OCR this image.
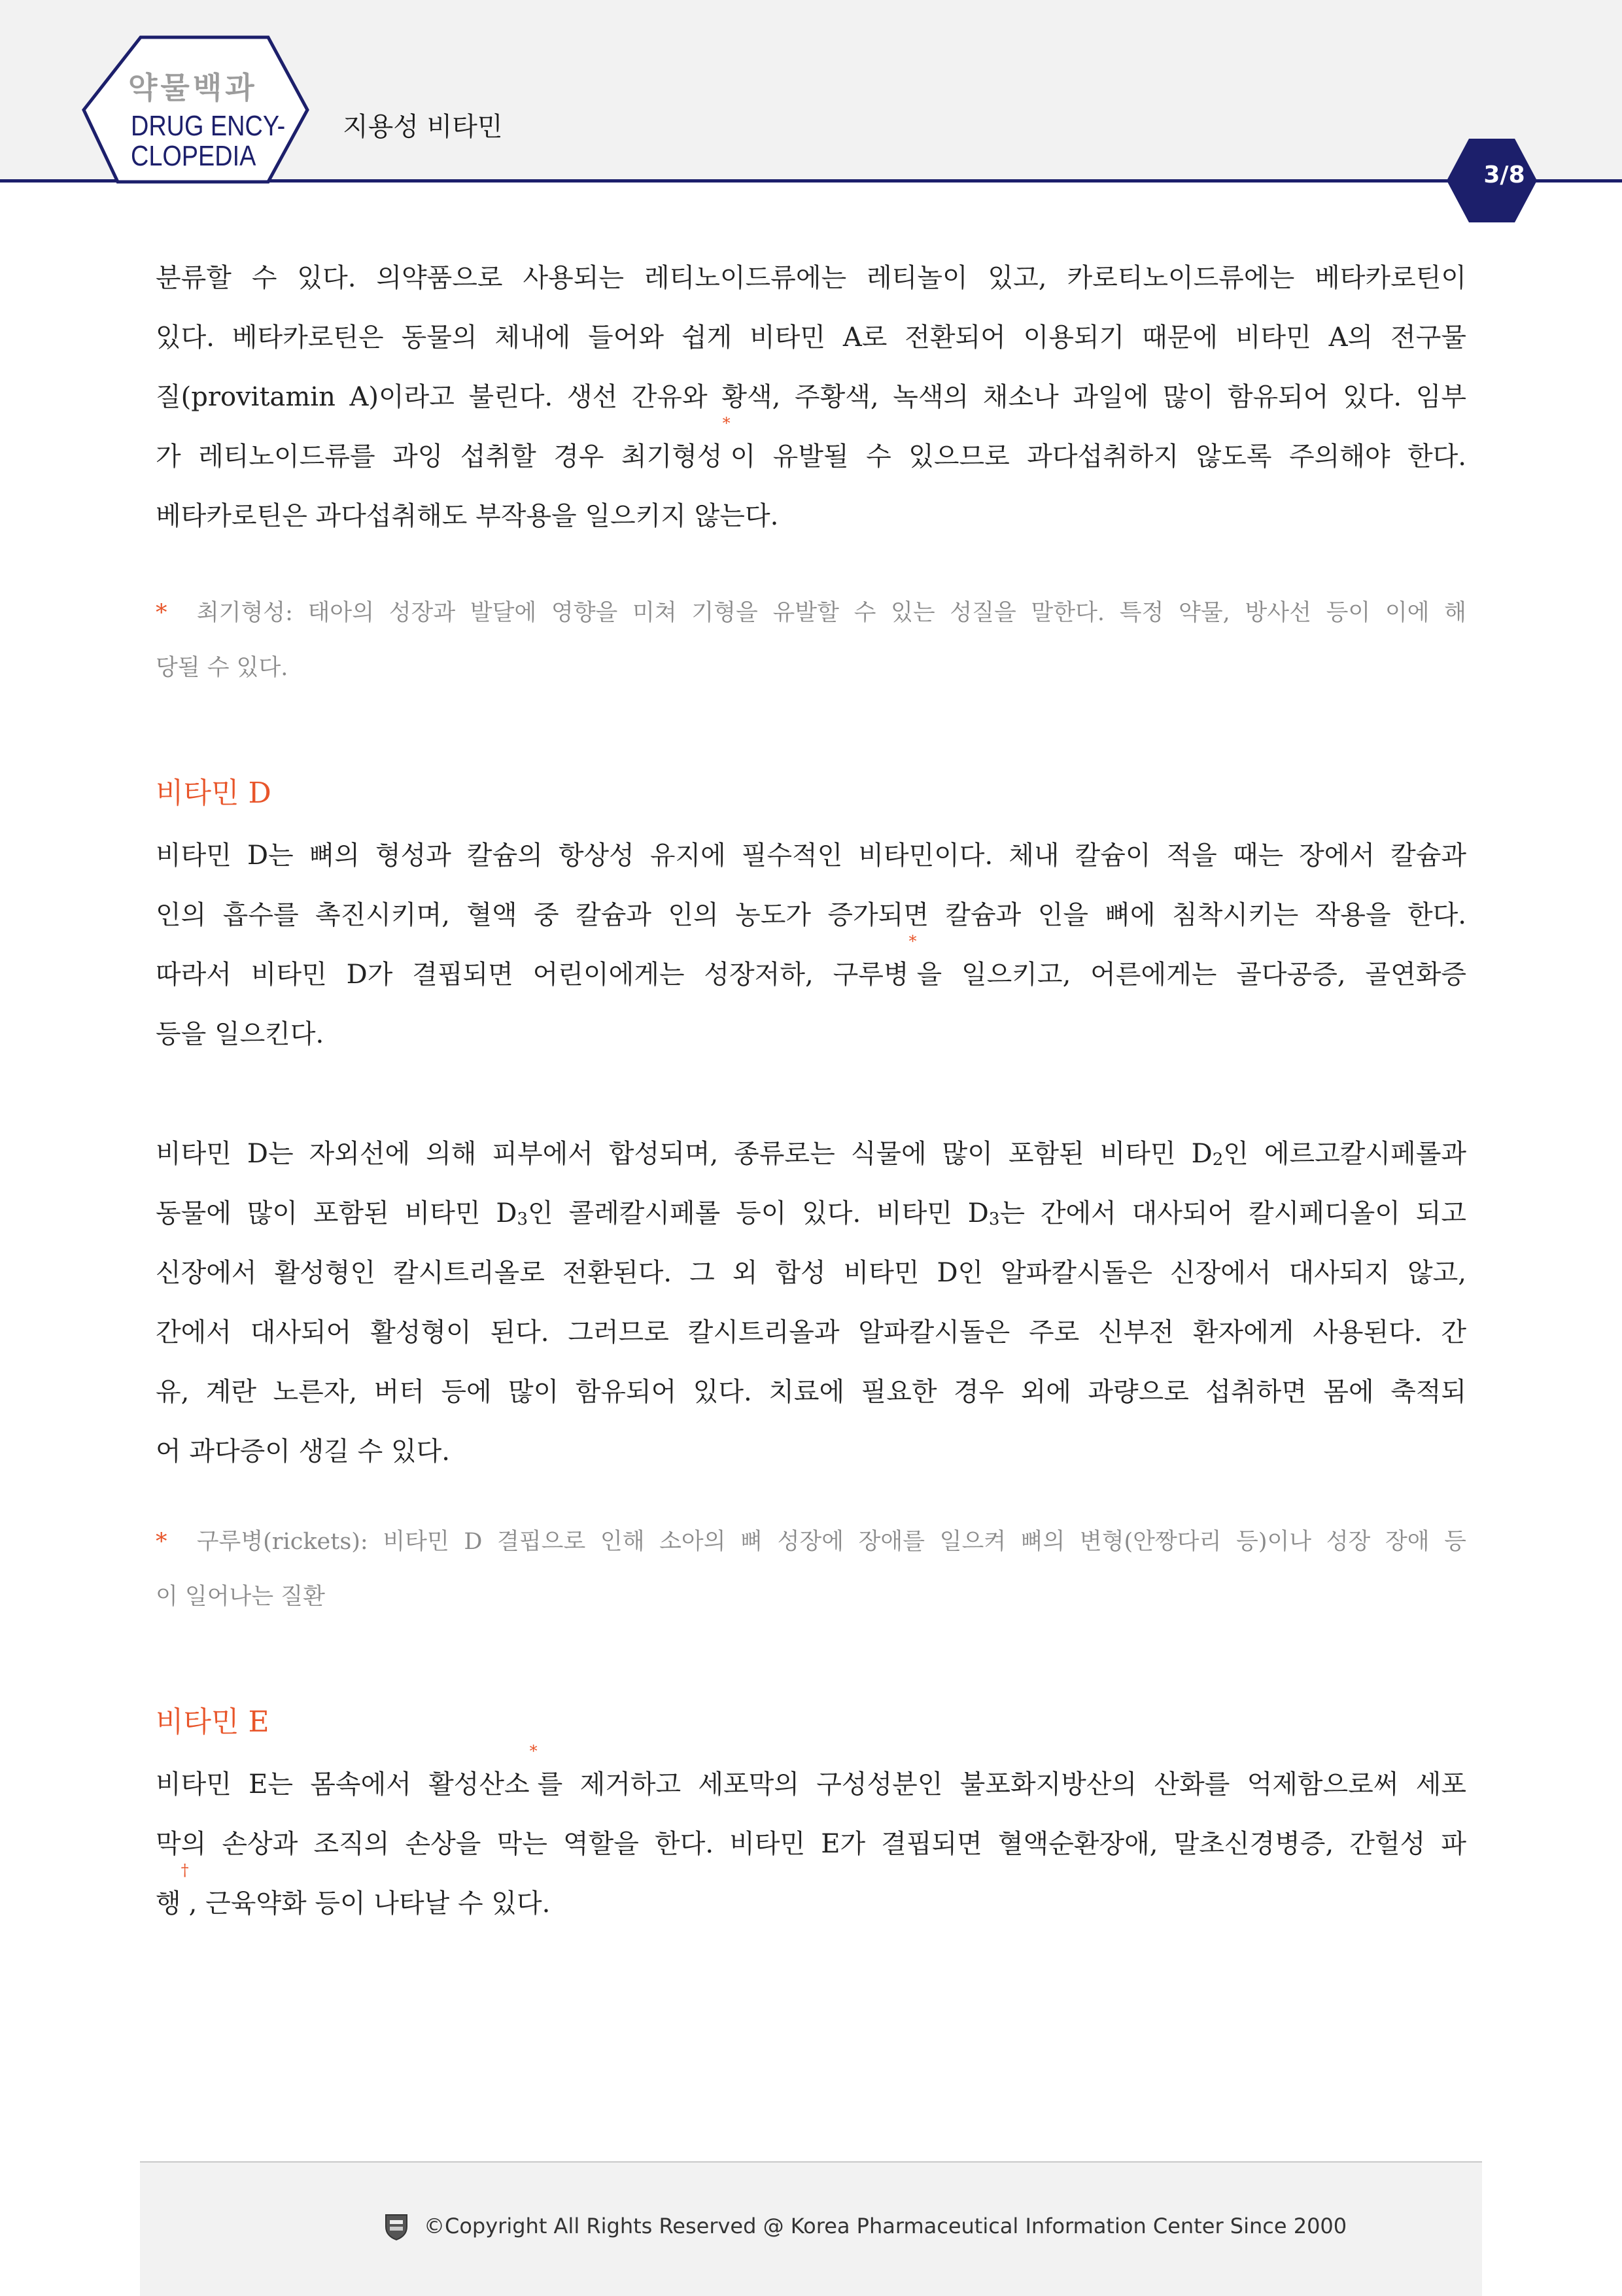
약물백과
DRUG ENCY-
CLOPEDIA
지용성 비타민
3/8

분류할 수 있다. 의약품으로 사용되는 레티노이드류에는 레티놀이 있고, 카로티노이드류에는 베타카로틴이

있다. 베타카로틴은 동물의 체내에 들어와 쉽게 비타민 A로 전환되어 이용되기 때문에 비타민 A의 전구물

질(provitamin A)이라고 불린다. 생선 간유와 황색, 주황색, 녹색의 채소나 과일에 많이 함유되어 있다. 임부

가 레티노이드류를 과잉 섭취할 경우 최기형성*이 유발될 수 있으므로 과다섭취하지 않도록 주의해야 한다.

베타카로틴은 과다섭취해도 부작용을 일으키지 않는다.

* 최기형성: 태아의 성장과 발달에 영향을 미쳐 기형을 유발할 수 있는 성질을 말한다. 특정 약물, 방사선 등이 이에 해
당될 수 있다.
비타민 D

비타민 D는 뼈의 형성과 칼슘의 항상성 유지에 필수적인 비타민이다. 체내 칼슘이 적을 때는 장에서 칼슘과

인의 흡수를 촉진시키며, 혈액 중 칼슘과 인의 농도가 증가되면 칼슘과 인을 뼈에 침착시키는 작용을 한다.

따라서 비타민 D가 결핍되면 어린이에게는 성장저하, 구루병*을 일으키고, 어른에게는 골다공증, 골연화증

등을 일으킨다.

비타민 D는 자외선에 의해 피부에서 합성되며, 종류로는 식물에 많이 포함된 비타민 $D_2$인 에르고칼시페롤과

동물에 많이 포함된 비타민 $D_3$인 콜레칼시페롤 등이 있다. 비타민 $D_3$는 간에서 대사되어 칼시페디올이 되고

신장에서 활성형인 칼시트리올로 전환된다. 그 외 합성 비타민 D인 알파칼시돌은 신장에서 대사되지 않고,

간에서 대사되어 활성형이 된다. 그러므로 칼시트리올과 알파칼시돌은 주로 신부전 환자에게 사용된다. 간

유, 계란 노른자, 버터 등에 많이 함유되어 있다. 치료에 필요한 경우 외에 과량으로 섭취하면 몸에 축적되

어 과다증이 생길 수 있다.

* 구루병(rickets): 비타민 D 결핍으로 인해 소아의 뼈 성장에 장애를 일으켜 뼈의 변형(안짱다리 등)이나 성장 장애 등
이 일어나는 질환
비타민 E

비타민 E는 몸속에서 활성산소*를 제거하고 세포막의 구성성분인 불포화지방산의 산화를 억제함으로써 세포

막의 손상과 조직의 손상을 막는 역할을 한다. 비타민 E가 결핍되면 혈액순환장애, 말초신경병증, 간헐성 파

행†, 근육약화 등이 나타날 수 있다.

©Copyright All Rights Reserved @ Korea Pharmaceutical Information Center Since 2000
